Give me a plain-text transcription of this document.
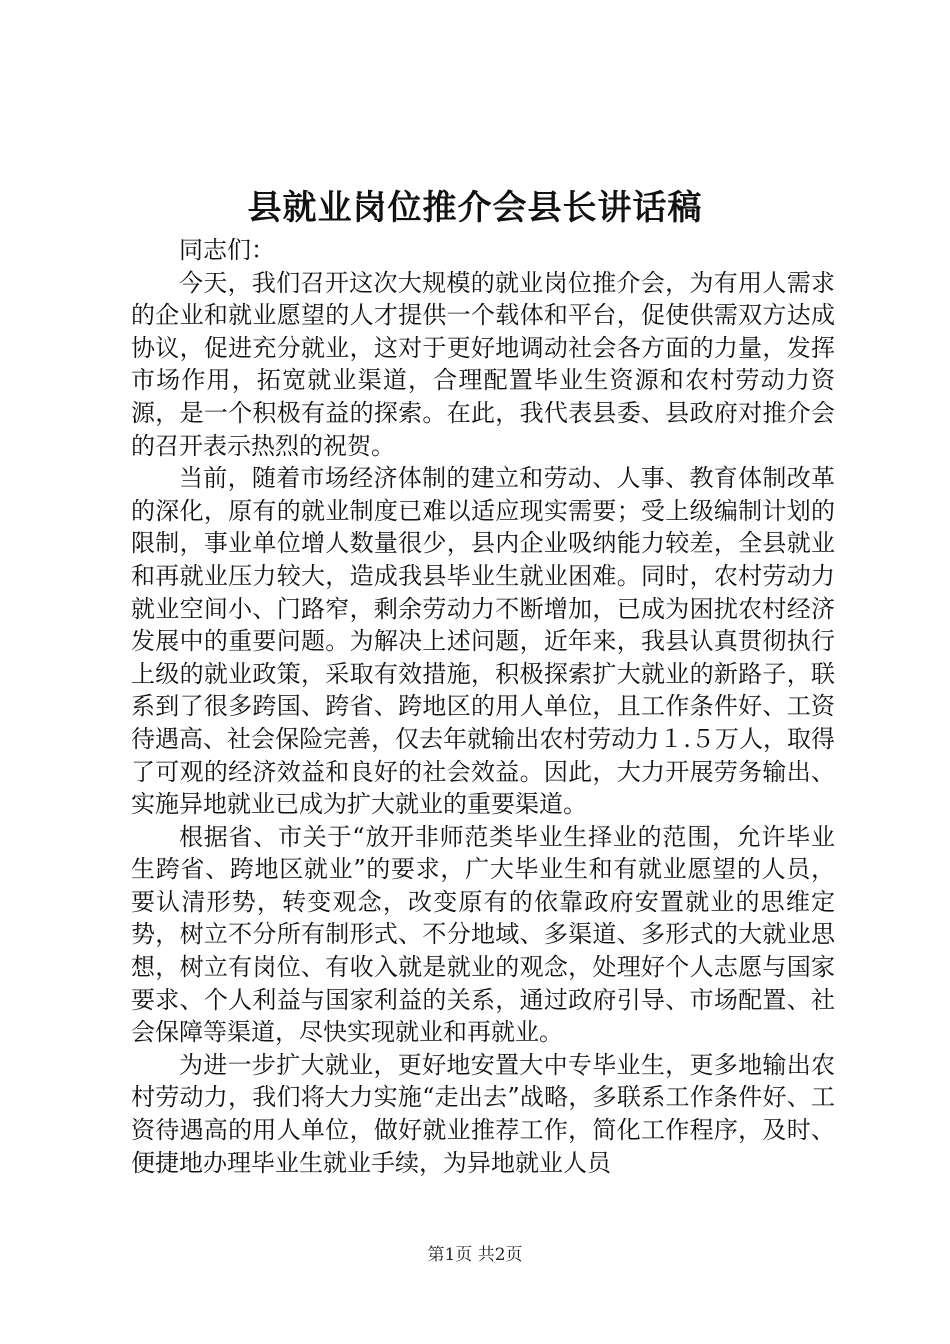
县就业岗位推介会县长讲话稿

同志们：

今天，我们召开这次大规模的就业岗位推介会，为有用人需求的企业和就业愿望的人才提供一个载体和平台，促使供需双方达成协议，促进充分就业，这对于更好地调动社会各方面的力量，发挥市场作用，拓宽就业渠道，合理配置毕业生资源和农村劳动力资源，是一个积极有益的探索。在此，我代表县委、县政府对推介会的召开表示热烈的祝贺。

当前，随着市场经济体制的建立和劳动、人事、教育体制改革的深化，原有的就业制度已难以适应现实需要；受上级编制计划的限制，事业单位增人数量很少，县内企业吸纳能力较差，全县就业和再就业压力较大，造成我县毕业生就业困难。同时，农村劳动力就业空间小、门路窄，剩余劳动力不断增加，已成为困扰农村经济发展中的重要问题。为解决上述问题，近年来，我县认真贯彻执行上级的就业政策，采取有效措施，积极探索扩大就业的新路子，联系到了很多跨国、跨省、跨地区的用人单位，且工作条件好、工资待遇高、社会保险完善，仅去年就输出农村劳动力１.５万人，取得了可观的经济效益和良好的社会效益。因此，大力开展劳务输出、实施异地就业已成为扩大就业的重要渠道。

根据省、市关于“放开非师范类毕业生择业的范围，允许毕业生跨省、跨地区就业”的要求，广大毕业生和有就业愿望的人员，要认清形势，转变观念，改变原有的依靠政府安置就业的思维定势，树立不分所有制形式、不分地域、多渠道、多形式的大就业思想，树立有岗位、有收入就是就业的观念，处理好个人志愿与国家要求、个人利益与国家利益的关系，通过政府引导、市场配置、社会保障等渠道，尽快实现就业和再就业。

为进一步扩大就业，更好地安置大中专毕业生，更多地输出农村劳动力，我们将大力实施“走出去”战略，多联系工作条件好、工资待遇高的用人单位，做好就业推荐工作，简化工作程序，及时、便捷地办理毕业生就业手续，为异地就业人员

第1页 共2页
